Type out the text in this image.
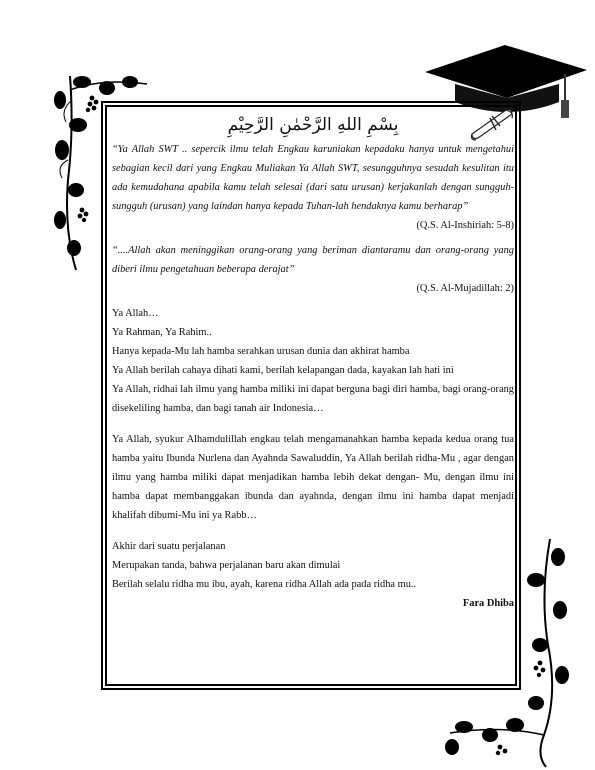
بِسْمِ اللهِ الرَّحْمٰنِ الرَّحِيْمِ
“Ya Allah SWT .. sepercik ilmu telah Engkau karuniakan kepadaku hanya untuk mengetahui sebagian kecil dari yang Engkau Muliakan Ya Allah SWT, sesungguhnya sesudah kesulitan itu ada kemudahana apabila kamu telah selesai (dari satu urusan) kerjakanlah dengan sungguh-sungguh (urusan) yang laindan hanya kepada Tuhan-lah hendaknya kamu berharap”
(Q.S. Al-Inshiriah: 5-8)
“....Allah akan meninggikan orang-orang yang beriman diantaramu dan orang-orang yang diberi ilmu pengetahuan beberapa derajat”
(Q.S. Al-Mujadillah: 2)
Ya Allah…
Ya Rahman, Ya Rahim..
Hanya kepada-Mu lah hamba serahkan urusan dunia dan akhirat hamba
Ya Allah berilah cahaya dihati kami, berilah kelapangan dada, kayakan lah hati ini
Ya Allah, ridhai lah ilmu yang hamba miliki ini dapat berguna bagi diri hamba, bagi orang-orang disekeliling hamba, dan bagi tanah air Indonesia…
Ya Allah, syukur Alhamdulillah engkau telah mengamanahkan hamba kepada kedua orang tua hamba yaitu Ibunda Nurlena dan Ayahnda Sawaluddin, Ya Allah berilah ridha-Mu , agar dengan ilmu yang hamba miliki dapat menjadikan hamba lebih dekat dengan- Mu, dengan ilmu ini hamba dapat membanggakan ibunda dan ayahnda, dengan ilmu ini hamba dapat menjadi khalifah dibumi-Mu ini ya Rabb…
Akhir dari suatu perjalanan
Merupakan tanda, bahwa perjalanan baru akan dimulai
Berilah selalu ridha mu ibu, ayah, karena ridha Allah ada pada ridha mu..
Fara Dhiba
